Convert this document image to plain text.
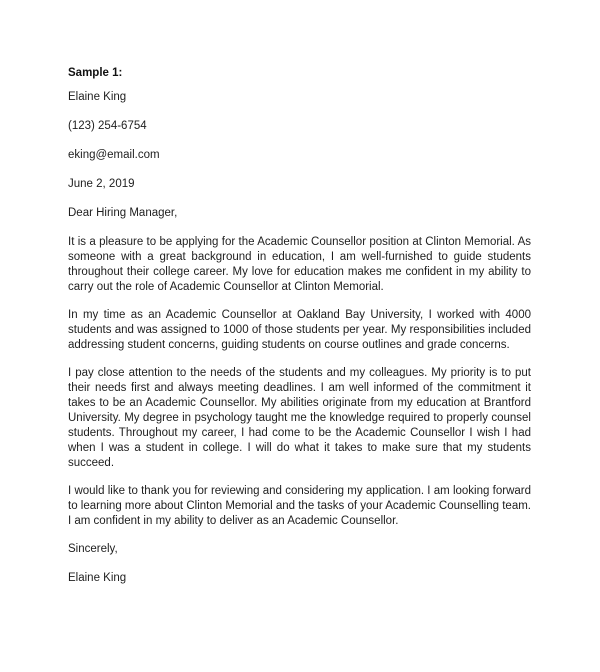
Sample 1:

Elaine King

(123) 254-6754

eking@email.com

June 2, 2019

Dear Hiring Manager,

It is a pleasure to be applying for the Academic Counsellor position at Clinton Memorial. As someone with a great background in education, I am well-furnished to guide students throughout their college career. My love for education makes me confident in my ability to carry out the role of Academic Counsellor at Clinton Memorial.

In my time as an Academic Counsellor at Oakland Bay University, I worked with 4000 students and was assigned to 1000 of those students per year. My responsibilities included addressing student concerns, guiding students on course outlines and grade concerns.

I pay close attention to the needs of the students and my colleagues. My priority is to put their needs first and always meeting deadlines. I am well informed of the commitment it takes to be an Academic Counsellor. My abilities originate from my education at Brantford University. My degree in psychology taught me the knowledge required to properly counsel students. Throughout my career, I had come to be the Academic Counsellor I wish I had when I was a student in college. I will do what it takes to make sure that my students succeed.

I would like to thank you for reviewing and considering my application. I am looking forward to learning more about Clinton Memorial and the tasks of your Academic Counselling team. I am confident in my ability to deliver as an Academic Counsellor.

Sincerely,

Elaine King
